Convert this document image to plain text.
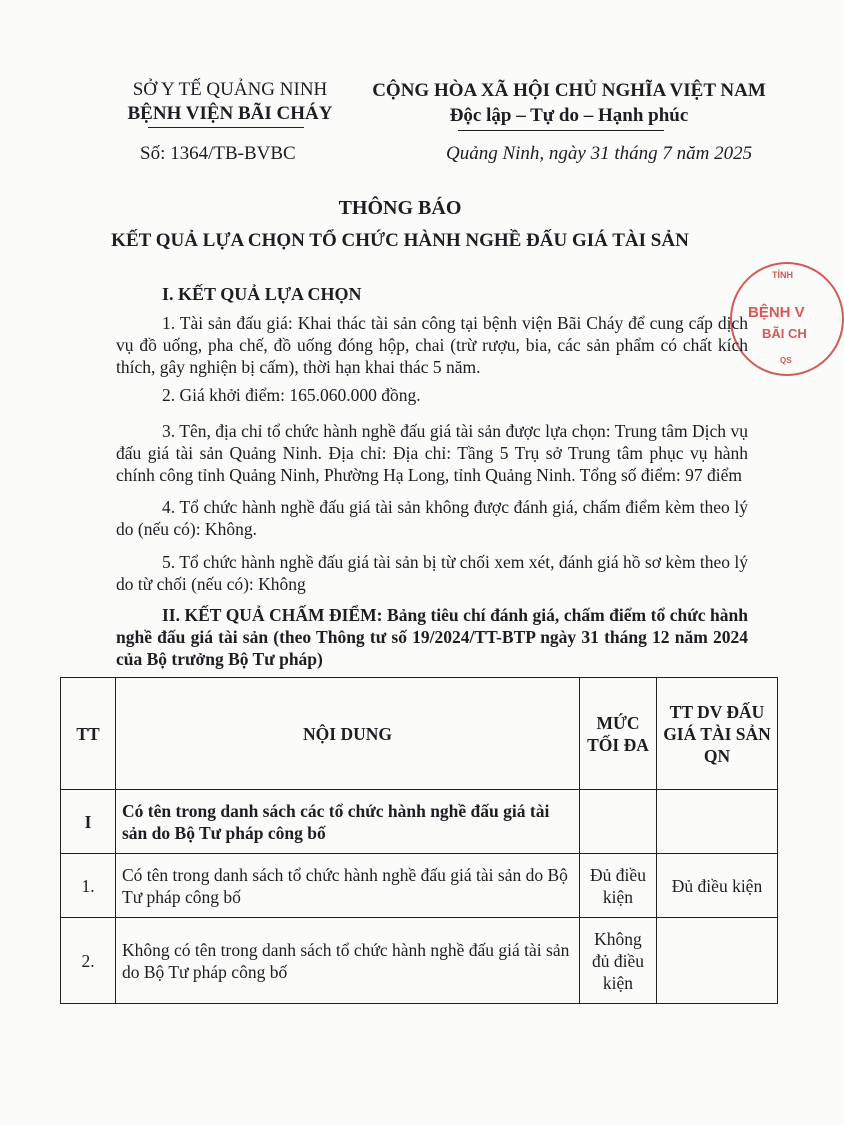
SỞ Y TẾ QUẢNG NINH
BỆNH VIỆN BÃI CHÁY
CỘNG HÒA XÃ HỘI CHỦ NGHĨA VIỆT NAM
Độc lập – Tự do – Hạnh phúc
Số: 1364/TB-BVBC	Quảng Ninh, ngày 31 tháng 7 năm 2025
THÔNG BÁO
KẾT QUẢ LỰA CHỌN TỔ CHỨC HÀNH NGHỀ ĐẤU GIÁ TÀI SẢN
TỈNH
BỆNH V
BÃI CH
QS
I. KẾT QUẢ LỰA CHỌN
1. Tài sản đấu giá: Khai thác tài sản công tại bệnh viện Bãi Cháy để cung cấp dịch vụ đồ uống, pha chế, đồ uống đóng hộp, chai (trừ rượu, bia, các sản phẩm có chất kích thích, gây nghiện bị cấm), thời hạn khai thác 5 năm.
2. Giá khởi điểm: 165.060.000 đồng.
3. Tên, địa chỉ tổ chức hành nghề đấu giá tài sản được lựa chọn: Trung tâm Dịch vụ đấu giá tài sản Quảng Ninh. Địa chỉ: Địa chỉ: Tầng 5 Trụ sở Trung tâm phục vụ hành chính công tỉnh Quảng Ninh, Phường Hạ Long, tỉnh Quảng Ninh. Tổng số điểm: 97 điểm
4. Tổ chức hành nghề đấu giá tài sản không được đánh giá, chấm điểm kèm theo lý do (nếu có): Không.
5. Tổ chức hành nghề đấu giá tài sản bị từ chối xem xét, đánh giá hồ sơ kèm theo lý do từ chối (nếu có): Không
II. KẾT QUẢ CHẤM ĐIỂM: Bảng tiêu chí đánh giá, chấm điểm tổ chức hành nghề đấu giá tài sản (theo Thông tư số 19/2024/TT-BTP ngày 31 tháng 12 năm 2024 của Bộ trưởng Bộ Tư pháp)
TT	NỘI DUNG	MỨC TỐI ĐA	TT DV ĐẤU GIÁ TÀI SẢN QN
I	Có tên trong danh sách các tổ chức hành nghề đấu giá tài sản do Bộ Tư pháp công bố		
1.	Có tên trong danh sách tổ chức hành nghề đấu giá tài sản do Bộ Tư pháp công bố	Đủ điều kiện	Đủ điều kiện
2.	Không có tên trong danh sách tổ chức hành nghề đấu giá tài sản do Bộ Tư pháp công bố	Không đủ điều kiện	
